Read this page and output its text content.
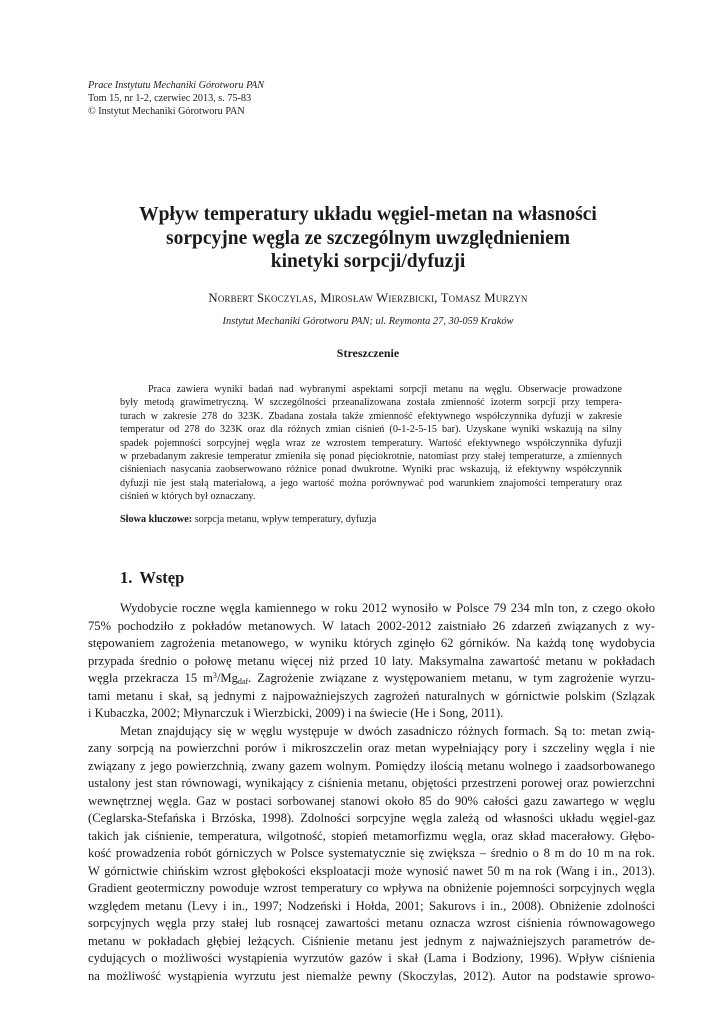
Prace Instytutu Mechaniki Górotworu PAN
Tom 15, nr 1-2, czerwiec 2013, s. 75-83
© Instytut Mechaniki Górotworu PAN
Wpływ temperatury układu węgiel-metan na własności
sorpcyjne węgla ze szczególnym uwzględnieniem
kinetyki sorpcji/dyfuzji
Norbert Skoczylas, Mirosław Wierzbicki, Tomasz Murzyn
Instytut Mechaniki Górotworu PAN; ul. Reymonta 27, 30-059 Kraków
Streszczenie
Praca zawiera wyniki badań nad wybranymi aspektami sorpcji metanu na węglu. Obserwacje prowadzone
były metodą grawimetryczną. W szczególności przeanalizowana została zmienność izoterm sorpcji przy tempera-
turach w zakresie 278 do 323K. Zbadana została także zmienność efektywnego współczynnika dyfuzji w zakresie
temperatur od 278 do 323K oraz dla różnych zmian ciśnień (0-1-2-5-15 bar). Uzyskane wyniki wskazują na silny
spadek pojemności sorpcyjnej węgla wraz ze wzrostem temperatury. Wartość efektywnego współczynnika dyfuzji
w przebadanym zakresie temperatur zmieniła się ponad pięciokrotnie, natomiast przy stałej temperaturze, a zmiennych
ciśnieniach nasycania zaobserwowano różnice ponad dwukrotne. Wyniki prac wskazują, iż efektywny współczynnik
dyfuzji nie jest stałą materiałową, a jego wartość można porównywać pod warunkiem znajomości temperatury oraz
ciśnień w których był oznaczany.
Słowa kluczowe: sorpcja metanu, wpływ temperatury, dyfuzja
1. Wstęp
Wydobycie roczne węgla kamiennego w roku 2012 wynosiło w Polsce 79 234 mln ton, z czego około
75% pochodziło z pokładów metanowych. W latach 2002-2012 zaistniało 26 zdarzeń związanych z wy-
stępowaniem zagrożenia metanowego, w wyniku których zginęło 62 górników. Na każdą tonę wydobycia
przypada średnio o połowę metanu więcej niż przed 10 laty. Maksymalna zawartość metanu w pokładach
węgla przekracza 15 $m^3/Mg_{daf}$. Zagrożenie związane z występowaniem metanu, w tym zagrożenie wyrzu-
tami metanu i skał, są jednymi z najpoważniejszych zagrożeń naturalnych w górnictwie polskim (Szlązak
i Kubaczka, 2002; Młynarczuk i Wierzbicki, 2009) i na świecie (He i Song, 2011).
Metan znajdujący się w węglu występuje w dwóch zasadniczo różnych formach. Są to: metan zwią-
zany sorpcją na powierzchni porów i mikroszczelin oraz metan wypełniający pory i szczeliny węgla i nie
związany z jego powierzchnią, zwany gazem wolnym. Pomiędzy ilością metanu wolnego i zaadsorbowanego
ustalony jest stan równowagi, wynikający z ciśnienia metanu, objętości przestrzeni porowej oraz powierzchni
wewnętrznej węgla. Gaz w postaci sorbowanej stanowi około 85 do 90% całości gazu zawartego w węglu
(Ceglarska-Stefańska i Brzóska, 1998). Zdolności sorpcyjne węgla zależą od własności układu węgiel-gaz
takich jak ciśnienie, temperatura, wilgotność, stopień metamorfizmu węgla, oraz skład macerałowy. Głębo-
kość prowadzenia robót górniczych w Polsce systematycznie się zwiększa – średnio o 8 m do 10 m na rok.
W górnictwie chińskim wzrost głębokości eksploatacji może wynosić nawet 50 m na rok (Wang i in., 2013).
Gradient geotermiczny powoduje wzrost temperatury co wpływa na obniżenie pojemności sorpcyjnych węgla
względem metanu (Levy i in., 1997; Nodzeński i Hołda, 2001; Sakurovs i in., 2008). Obniżenie zdolności
sorpcyjnych węgla przy stałej lub rosnącej zawartości metanu oznacza wzrost ciśnienia równowagowego
metanu w pokładach głębiej leżących. Ciśnienie metanu jest jednym z najważniejszych parametrów de-
cydujących o możliwości wystąpienia wyrzutów gazów i skał (Lama i Bodziony, 1996). Wpływ ciśnienia
na możliwość wystąpienia wyrzutu jest niemalże pewny (Skoczylas, 2012). Autor na podstawie sprowo-
